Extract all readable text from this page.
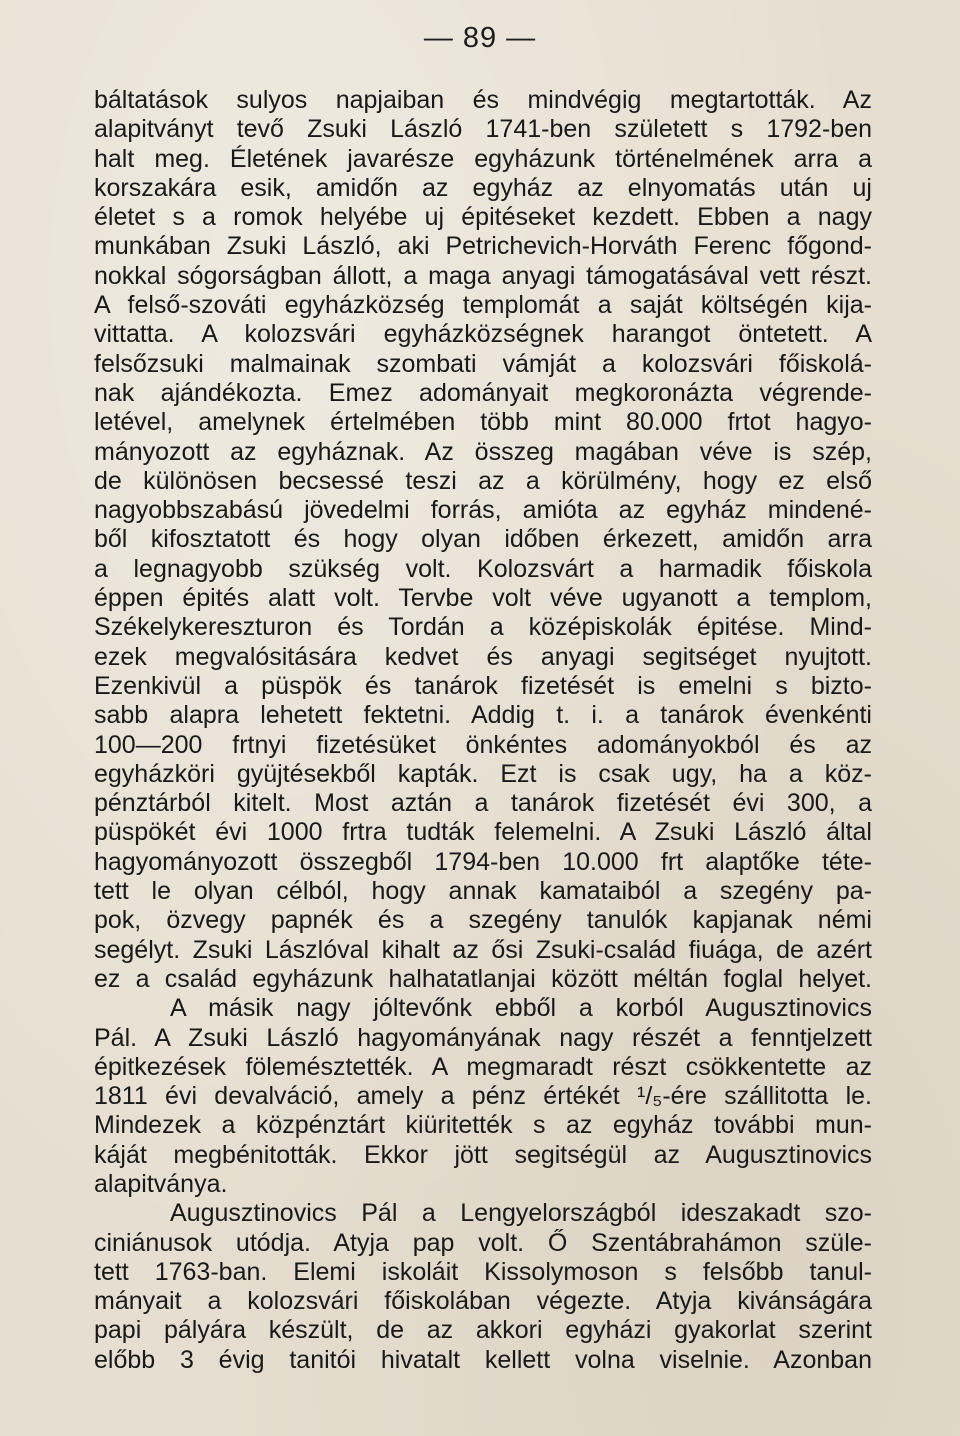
— 89 —
báltatások sulyos napjaiban és mindvégig megtartották. Az
alapitványt tevő Zsuki László 1741-ben született s 1792-ben
halt meg. Életének javarésze egyházunk történelmének arra a
korszakára esik, amidőn az egyház az elnyomatás után uj
életet s a romok helyébe uj épitéseket kezdett. Ebben a nagy
munkában Zsuki László, aki Petrichevich-Horváth Ferenc főgond-
nokkal sógorságban állott, a maga anyagi támogatásával vett részt.
A felső-szováti egyházközség templomát a saját költségén kija-
vittatta. A kolozsvári egyházközségnek harangot öntetett. A
felsőzsuki malmainak szombati vámját a kolozsvári főiskolá-
nak ajándékozta. Emez adományait megkoronázta végrende-
letével, amelynek értelmében több mint 80.000 frtot hagyo-
mányozott az egyháznak. Az összeg magában véve is szép,
de különösen becsessé teszi az a körülmény, hogy ez első
nagyobbszabású jövedelmi forrás, amióta az egyház mindené-
ből kifosztatott és hogy olyan időben érkezett, amidőn arra
a legnagyobb szükség volt. Kolozsvárt a harmadik főiskola
éppen épités alatt volt. Tervbe volt véve ugyanott a templom,
Székelykereszturon és Tordán a középiskolák épitése. Mind-
ezek megvalósitására kedvet és anyagi segitséget nyujtott.
Ezenkivül a püspök és tanárok fizetését is emelni s bizto-
sabb alapra lehetett fektetni. Addig t. i. a tanárok évenkénti
100—200 frtnyi fizetésüket önkéntes adományokból és az
egyházköri gyüjtésekből kapták. Ezt is csak ugy, ha a köz-
pénztárból kitelt. Most aztán a tanárok fizetését évi 300, a
püspökét évi 1000 frtra tudták felemelni. A Zsuki László által
hagyományozott összegből 1794-ben 10.000 frt alaptőke téte-
tett le olyan célból, hogy annak kamataiból a szegény pa-
pok, özvegy papnék és a szegény tanulók kapjanak némi
segélyt. Zsuki Lászlóval kihalt az ősi Zsuki-család fiuága, de azért
ez a család egyházunk halhatatlanjai között méltán foglal helyet.
A másik nagy jóltevőnk ebből a korból Augusztinovics
Pál. A Zsuki László hagyományának nagy részét a fenntjelzett
épitkezések fölemésztették. A megmaradt részt csökkentette az
1811 évi devalváció, amely a pénz értékét ¹/₅-ére szállitotta le.
Mindezek a közpénztárt kiüritették s az egyház további mun-
káját megbénitották. Ekkor jött segitségül az Augusztinovics
alapitványa.
Augusztinovics Pál a Lengyelországból ideszakadt szo-
ciniánusok utódja. Atyja pap volt. Ő Szentábrahámon szüle-
tett 1763-ban. Elemi iskoláit Kissolymoson s felsőbb tanul-
mányait a kolozsvári főiskolában végezte. Atyja kivánságára
papi pályára készült, de az akkori egyházi gyakorlat szerint
előbb 3 évig tanitói hivatalt kellett volna viselnie. Azonban
